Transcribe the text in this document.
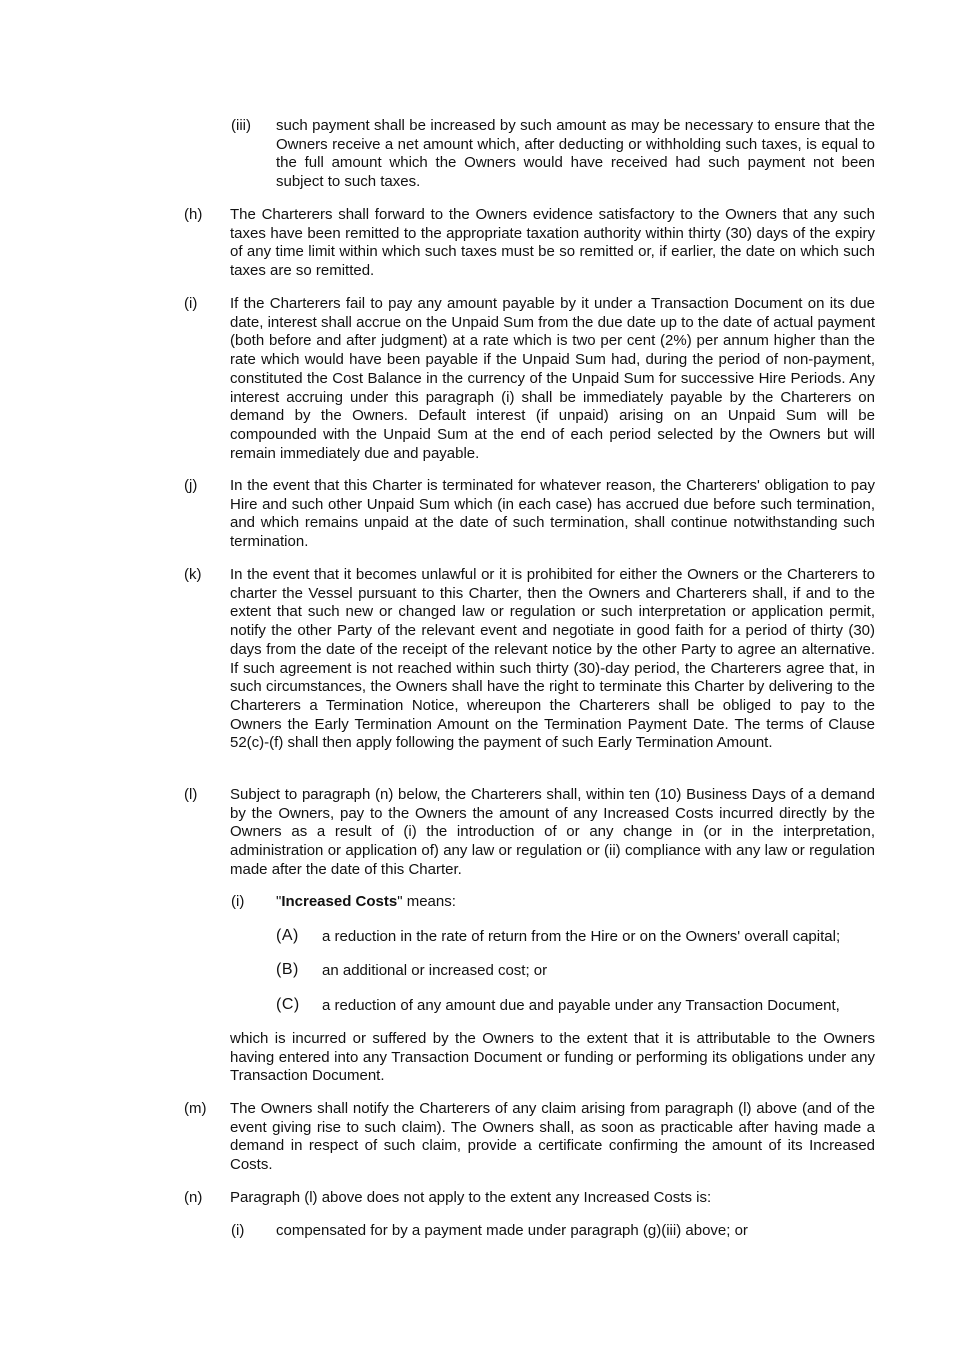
(iii) such payment shall be increased by such amount as may be necessary to ensure that the Owners receive a net amount which, after deducting or withholding such taxes, is equal to the full amount which the Owners would have received had such payment not been subject to such taxes.
(h) The Charterers shall forward to the Owners evidence satisfactory to the Owners that any such taxes have been remitted to the appropriate taxation authority within thirty (30) days of the expiry of any time limit within which such taxes must be so remitted or, if earlier, the date on which such taxes are so remitted.
(i) If the Charterers fail to pay any amount payable by it under a Transaction Document on its due date, interest shall accrue on the Unpaid Sum from the due date up to the date of actual payment (both before and after judgment) at a rate which is two per cent (2%) per annum higher than the rate which would have been payable if the Unpaid Sum had, during the period of non-payment, constituted the Cost Balance in the currency of the Unpaid Sum for successive Hire Periods. Any interest accruing under this paragraph (i) shall be immediately payable by the Charterers on demand by the Owners. Default interest (if unpaid) arising on an Unpaid Sum will be compounded with the Unpaid Sum at the end of each period selected by the Owners but will remain immediately due and payable.
(j) In the event that this Charter is terminated for whatever reason, the Charterers' obligation to pay Hire and such other Unpaid Sum which (in each case) has accrued due before such termination, and which remains unpaid at the date of such termination, shall continue notwithstanding such termination.
(k) In the event that it becomes unlawful or it is prohibited for either the Owners or the Charterers to charter the Vessel pursuant to this Charter, then the Owners and Charterers shall, if and to the extent that such new or changed law or regulation or such interpretation or application permit, notify the other Party of the relevant event and negotiate in good faith for a period of thirty (30) days from the date of the receipt of the relevant notice by the other Party to agree an alternative. If such agreement is not reached within such thirty (30)-day period, the Charterers agree that, in such circumstances, the Owners shall have the right to terminate this Charter by delivering to the Charterers a Termination Notice, whereupon the Charterers shall be obliged to pay to the Owners the Early Termination Amount on the Termination Payment Date. The terms of Clause 52(c)-(f) shall then apply following the payment of such Early Termination Amount.
(l) Subject to paragraph (n) below, the Charterers shall, within ten (10) Business Days of a demand by the Owners, pay to the Owners the amount of any Increased Costs incurred directly by the Owners as a result of (i) the introduction of or any change in (or in the interpretation, administration or application of) any law or regulation or (ii) compliance with any law or regulation made after the date of this Charter.
(i) "Increased Costs" means:
(A) a reduction in the rate of return from the Hire or on the Owners' overall capital;
(B) an additional or increased cost; or
(C) a reduction of any amount due and payable under any Transaction Document,
which is incurred or suffered by the Owners to the extent that it is attributable to the Owners having entered into any Transaction Document or funding or performing its obligations under any Transaction Document.
(m) The Owners shall notify the Charterers of any claim arising from paragraph (l) above (and of the event giving rise to such claim). The Owners shall, as soon as practicable after having made a demand in respect of such claim, provide a certificate confirming the amount of its Increased Costs.
(n) Paragraph (l) above does not apply to the extent any Increased Costs is:
(i) compensated for by a payment made under paragraph (g)(iii) above; or
